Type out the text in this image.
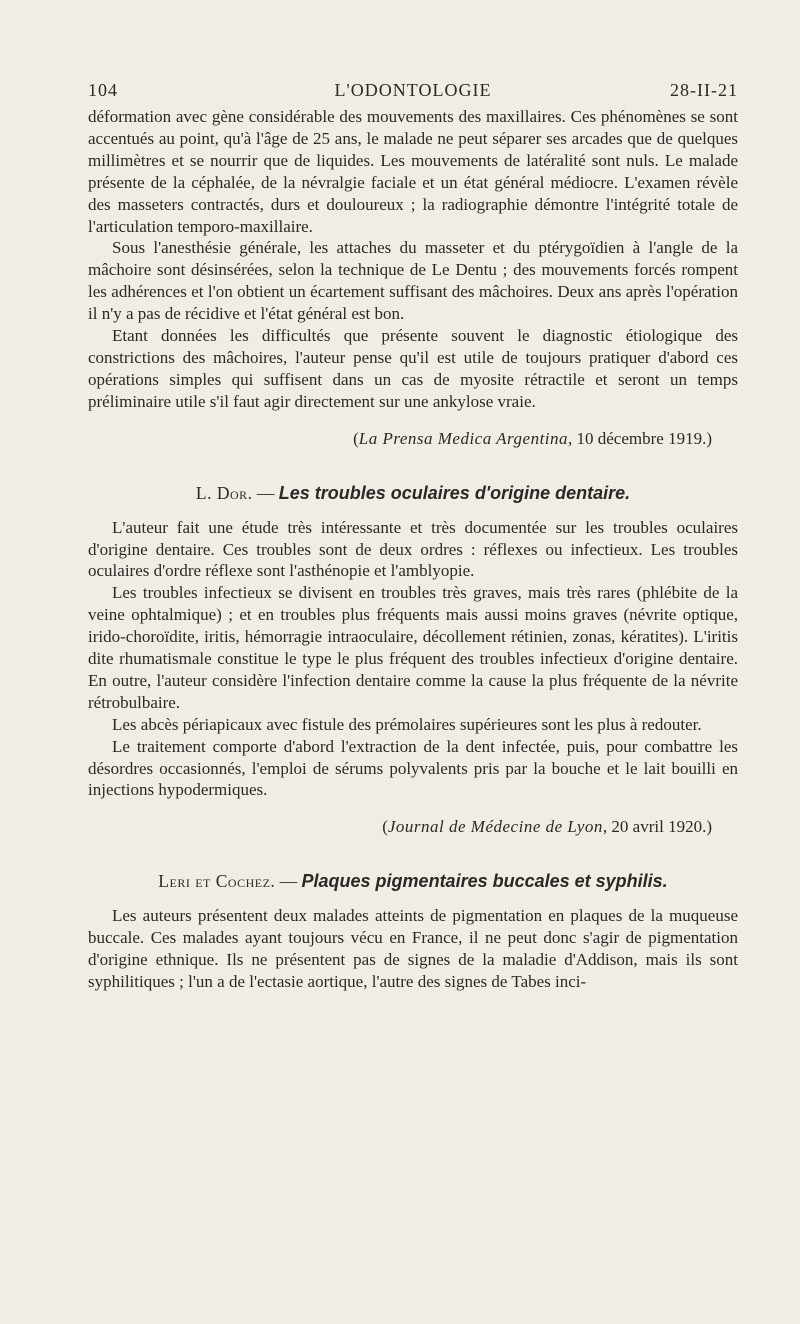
104	L'ODONTOLOGIE	28-II-21

déformation avec gène considérable des mouvements des maxillaires. Ces phénomènes se sont accentués au point, qu'à l'âge de 25 ans, le malade ne peut séparer ses arcades que de quelques millimètres et se nourrir que de liquides. Les mouvements de latéralité sont nuls. Le malade présente de la céphalée, de la névralgie faciale et un état général médiocre. L'examen révèle des masseters contractés, durs et douloureux ; la radiographie démontre l'intégrité totale de l'articulation temporo-maxillaire.

Sous l'anesthésie générale, les attaches du masseter et du ptérygoïdien à l'angle de la mâchoire sont désinsérées, selon la technique de Le Dentu ; des mouvements forcés rompent les adhérences et l'on obtient un écartement suffisant des mâchoires. Deux ans après l'opération il n'y a pas de récidive et l'état général est bon.

Etant données les difficultés que présente souvent le diagnostic étiologique des constrictions des mâchoires, l'auteur pense qu'il est utile de toujours pratiquer d'abord ces opérations simples qui suffisent dans un cas de myosite rétractile et seront un temps préliminaire utile s'il faut agir directement sur une ankylose vraie.

(La Prensa Medica Argentina, 10 décembre 1919.)
L. Dor. — Les troubles oculaires d'origine dentaire.

L'auteur fait une étude très intéressante et très documentée sur les troubles oculaires d'origine dentaire. Ces troubles sont de deux ordres : réflexes ou infectieux. Les troubles oculaires d'ordre réflexe sont l'asthénopie et l'amblyopie.

Les troubles infectieux se divisent en troubles très graves, mais très rares (phlébite de la veine ophtalmique) ; et en troubles plus fréquents mais aussi moins graves (névrite optique, irido-choroïdite, iritis, hémorragie intraoculaire, décollement rétinien, zonas, kératites). L'iritis dite rhumatismale constitue le type le plus fréquent des troubles infectieux d'origine dentaire. En outre, l'auteur considère l'infection dentaire comme la cause la plus fréquente de la névrite rétrobulbaire.

Les abcès périapicaux avec fistule des prémolaires supérieures sont les plus à redouter.

Le traitement comporte d'abord l'extraction de la dent infectée, puis, pour combattre les désordres occasionnés, l'emploi de sérums polyvalents pris par la bouche et le lait bouilli en injections hypodermiques.

(Journal de Médecine de Lyon, 20 avril 1920.)
Leri et Cochez. — Plaques pigmentaires buccales et syphilis.

Les auteurs présentent deux malades atteints de pigmentation en plaques de la muqueuse buccale. Ces malades ayant toujours vécu en France, il ne peut donc s'agir de pigmentation d'origine ethnique. Ils ne présentent pas de signes de la maladie d'Addison, mais ils sont syphilitiques ; l'un a de l'ectasie aortique, l'autre des signes de Tabes inci-
